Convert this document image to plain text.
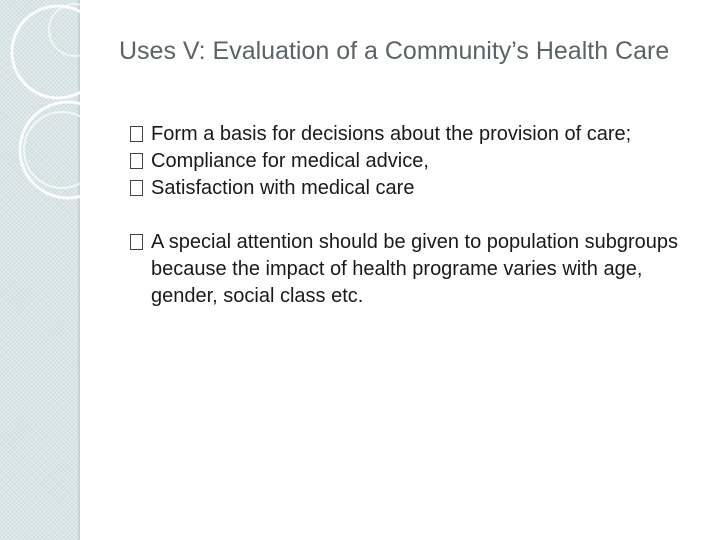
Uses V: Evaluation of a Community’s Health Care
Form a basis for decisions about the provision of care;
Compliance for medical advice,
Satisfaction with medical care
A special attention should be given to population subgroups because the impact of health programe varies with age, gender, social class etc.
